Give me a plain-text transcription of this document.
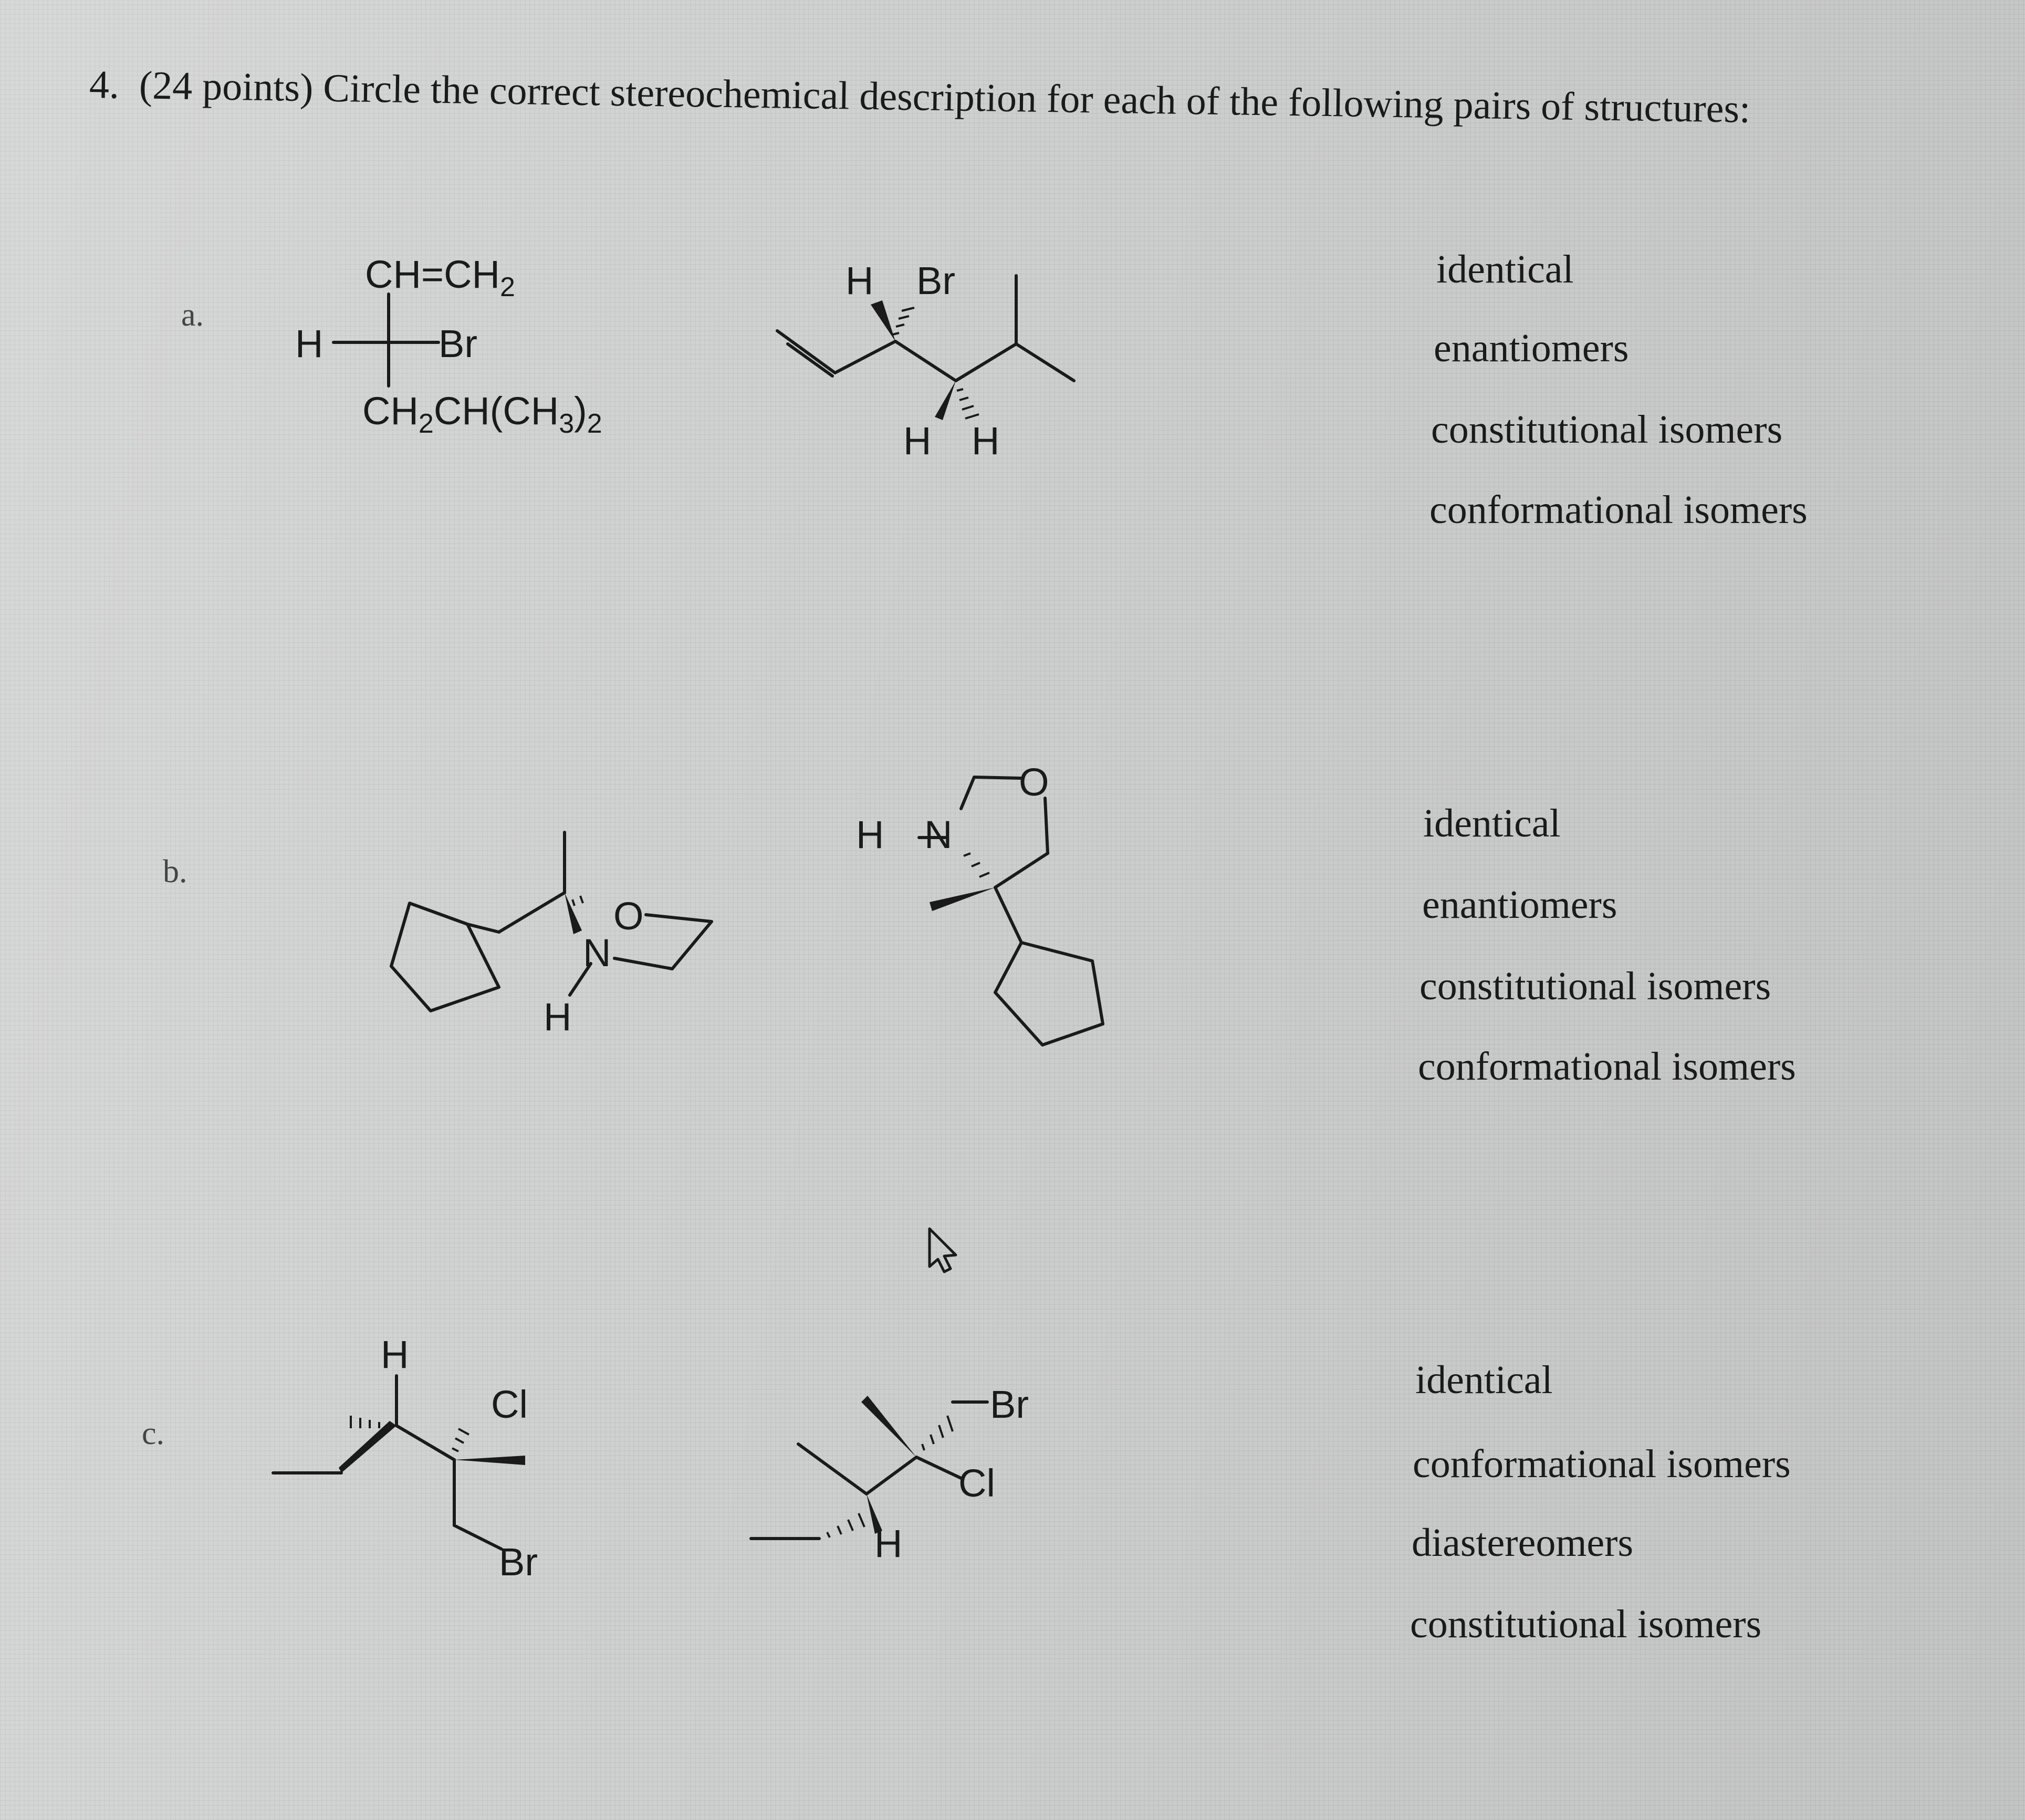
4. (24 points) Circle the correct stereochemical description for each of the following pairs of structures:
a.
b.
c.
identical
enantiomers
constitutional isomers
conformational isomers
identical
enantiomers
constitutional isomers
conformational isomers
identical
conformational isomers
diastereomers
constitutional isomers
$CH=CH_2$
H	Br
$CH_2CH(CH_3)_2$
H Br
H H
O
N
H
H N
O
H
Cl
Br
Br
Cl
H
